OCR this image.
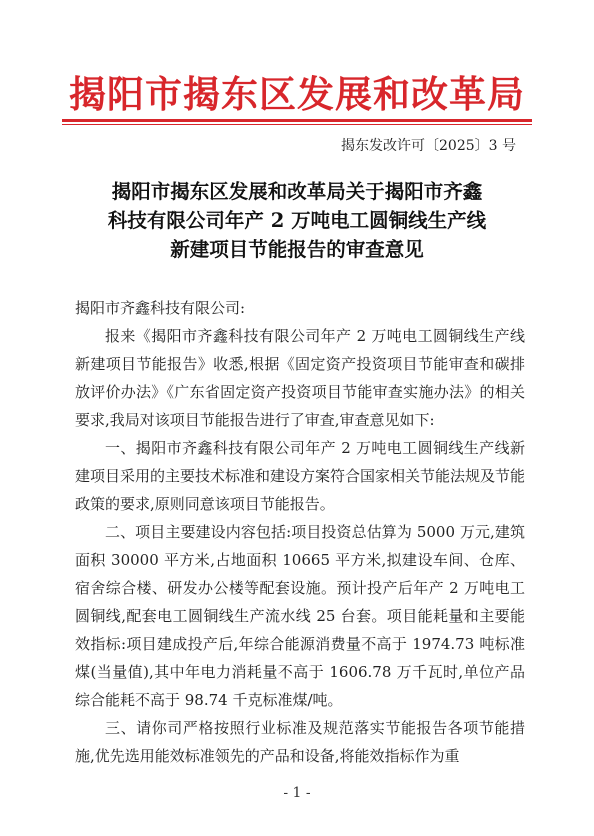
揭阳市揭东区发展和改革局
揭东发改许可〔2025〕3 号
揭阳市揭东区发展和改革局关于揭阳市齐鑫
科技有限公司年产 2 万吨电工圆铜线生产线
新建项目节能报告的审查意见
揭阳市齐鑫科技有限公司:

报来《揭阳市齐鑫科技有限公司年产 2 万吨电工圆铜线生产线新建项目节能报告》收悉,根据《固定资产投资项目节能审查和碳排放评价办法》《广东省固定资产投资项目节能审查实施办法》的相关要求,我局对该项目节能报告进行了审查,审查意见如下:

一、揭阳市齐鑫科技有限公司年产 2 万吨电工圆铜线生产线新建项目采用的主要技术标准和建设方案符合国家相关节能法规及节能政策的要求,原则同意该项目节能报告。

二、项目主要建设内容包括:项目投资总估算为 5000 万元,建筑面积 30000 平方米,占地面积 10665 平方米,拟建设车间、仓库、宿舍综合楼、研发办公楼等配套设施。预计投产后年产 2 万吨电工圆铜线,配套电工圆铜线生产流水线 25 台套。项目能耗量和主要能效指标:项目建成投产后,年综合能源消费量不高于 1974.73 吨标准煤(当量值),其中年电力消耗量不高于 1606.78 万千瓦时,单位产品综合能耗不高于 98.74 千克标准煤/吨。

三、请你司严格按照行业标准及规范落实节能报告各项节能措施,优先选用能效标准领先的产品和设备,将能效指标作为重

- 1 -
